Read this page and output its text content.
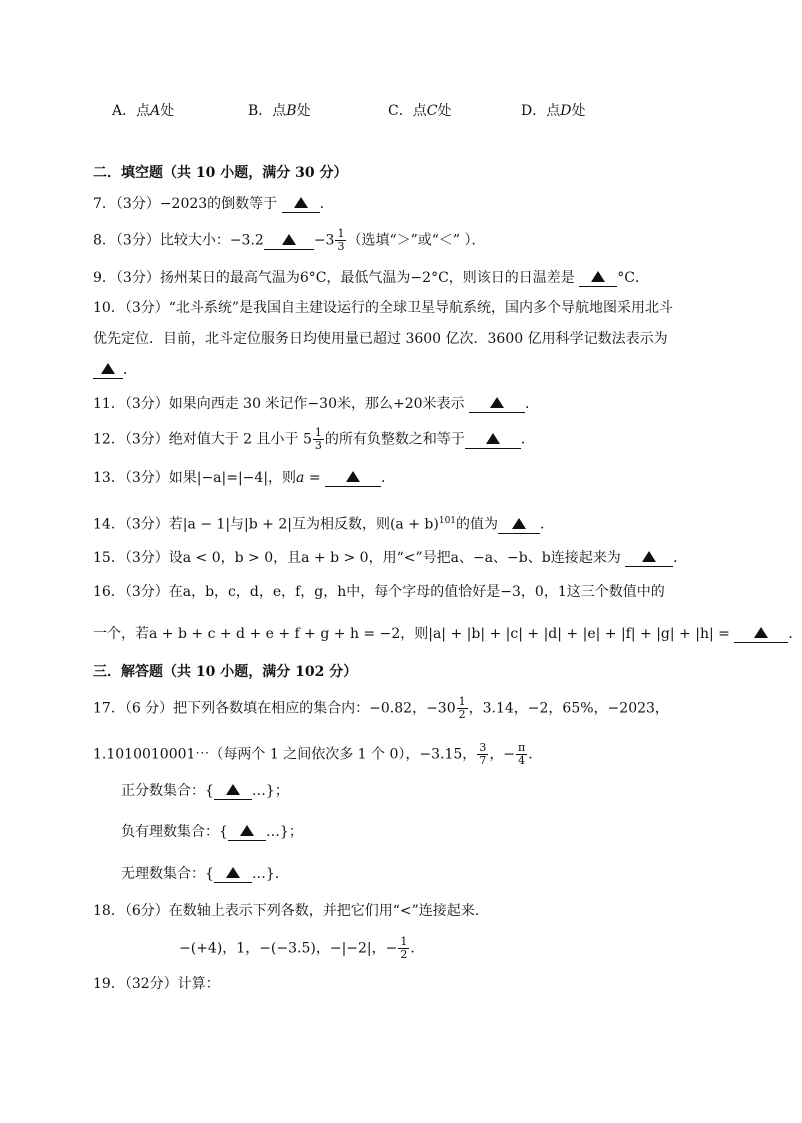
A．点A处	B．点B处	C．点C处	D．点D处
二．填空题（共 10 小题，满分 30 分）
7．（3分）−2023的倒数等于	．
8．（3分）比较大小：−3.2	$-3 \frac{1}{3}$ （选填“＞”或“＜” ）．
9．（3分）扬州某日的最高气温为6°C，最低气温为−2°C，则该日的日温差是	°C．
10．（3分）“北斗系统”是我国自主建设运行的全球卫星导航系统，国内多个导航地图采用北斗
优先定位．目前，北斗定位服务日均使用量已超过 3600 亿次．3600 亿用科学记数法表示为
．
11．（3分）如果向西走 30 米记作−30米，那么+20米表示	．
12．（3分）绝对值大于 2 且小于 $5 \frac{1}{3}$ 的所有负整数之和等于	．
13．（3分）如果|−a|=|−4|，则a =	．
14．（3分）若|a − 1|与|b + 2|互为相反数，则$(a + b)^{101}$的值为	．
15．（3分）设a < 0，b > 0，且a + b > 0，用“<”号把a、−a、−b、b连接起来为	．
16．（3分）在a，b，c，d，e，f，g，h中，每个字母的值恰好是−3，0，1这三个数值中的
一个，若a + b + c + d + e + f + g + h = −2，则|a| + |b| + |c| + |d| + |e| + |f| + |g| + |h| =	．
三．解答题（共 10 小题，满分 102 分）
17．（6 分）把下列各数填在相应的集合内：−0.82，$-30 \frac{1}{2}$ ，3.14，−2，65%，−2023，
1.1010010001⋯（每两个 1 之间依次多 1 个 0），−3.15， $\frac{3}{7}$ ，− $\frac{\pi}{4}$ ．
正分数集合：{	…}；
负有理数集合：{	…}；
无理数集合：{	…}．
18．（6分）在数轴上表示下列各数，并把它们用“<”连接起来.
−(+4)，1，−(−3.5)，−|−2|，− $\frac{1}{2}$ ．
19．（32分）计算：
